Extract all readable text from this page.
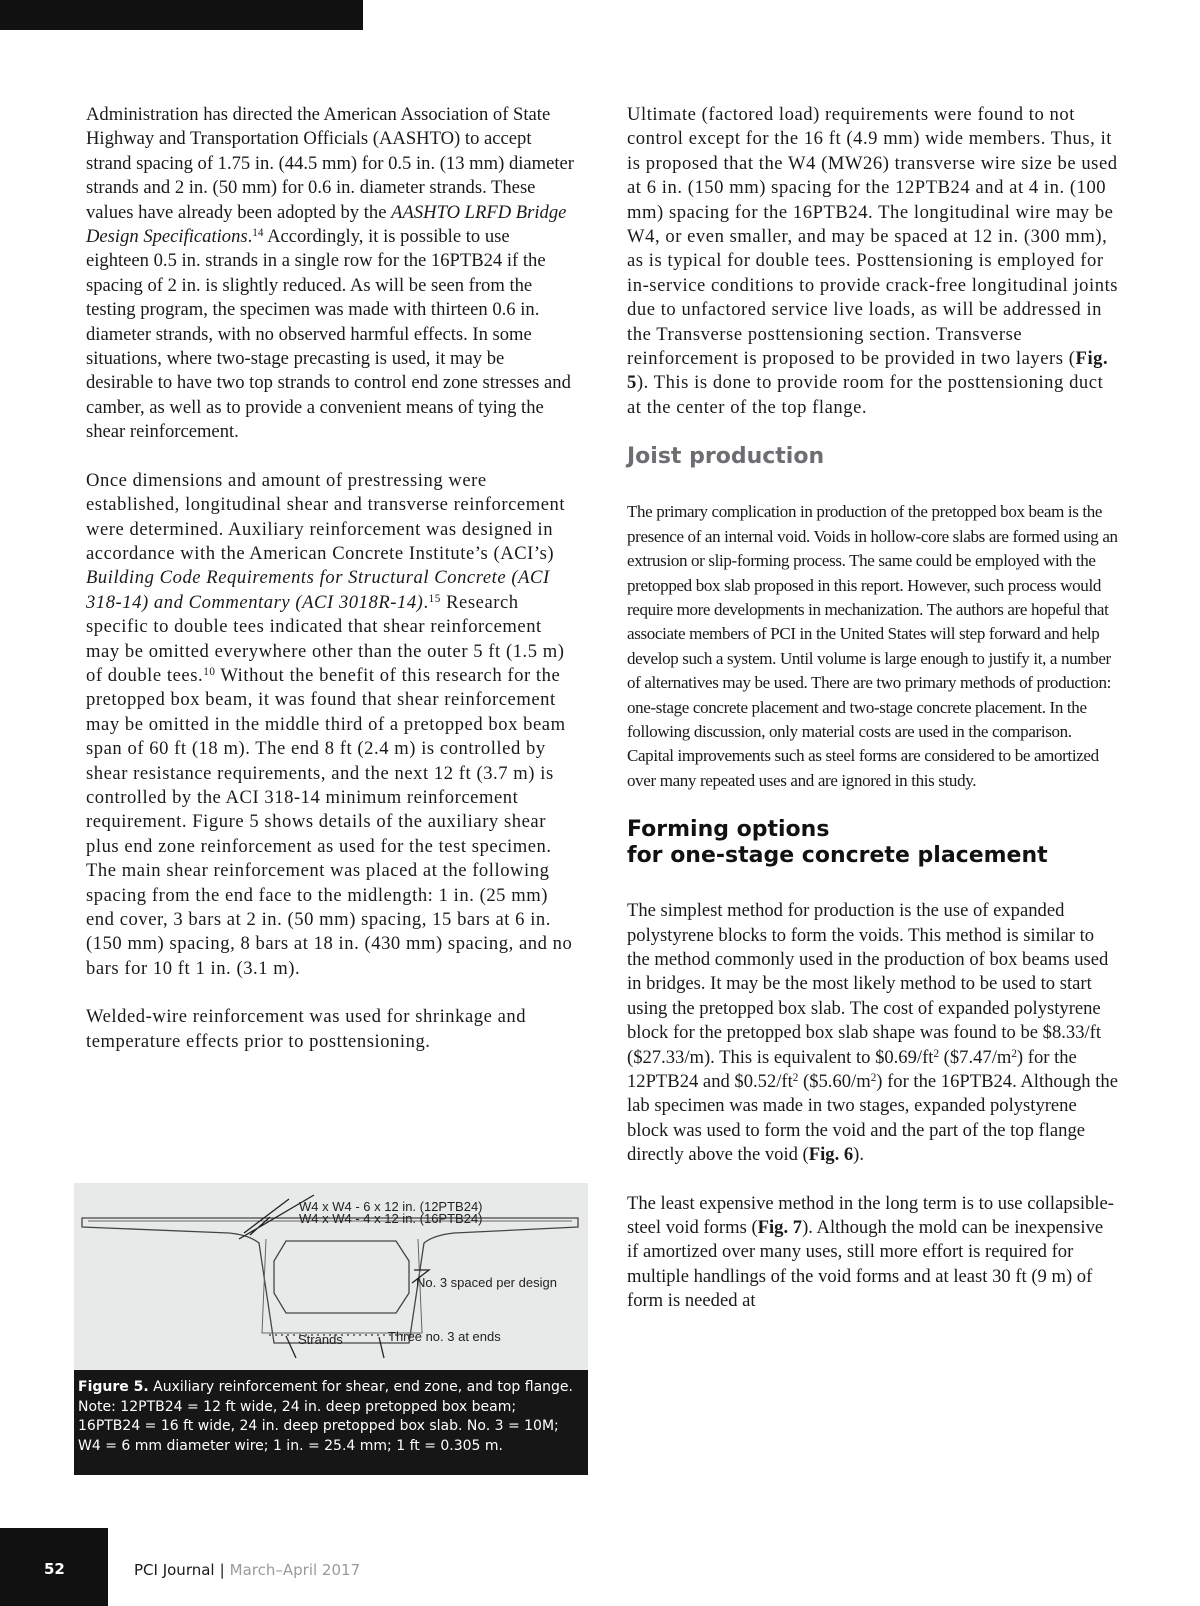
Administration has directed the American Association of State Highway and Transportation Officials (AASHTO) to accept strand spacing of 1.75 in. (44.5 mm) for 0.5 in. (13 mm) diameter strands and 2 in. (50 mm) for 0.6 in. diameter strands. These values have already been adopted by the AASHTO LRFD Bridge Design Specifications.$^{14}$ Accordingly, it is possible to use eighteen 0.5 in. strands in a single row for the 16PTB24 if the spacing of 2 in. is slightly reduced. As will be seen from the testing program, the specimen was made with thirteen 0.6 in. diameter strands, with no observed harmful effects. In some situations, where two-stage precasting is used, it may be desirable to have two top strands to control end zone stresses and camber, as well as to provide a convenient means of tying the shear reinforcement.

Once dimensions and amount of prestressing were established, longitudinal shear and transverse reinforcement were determined. Auxiliary reinforcement was designed in accordance with the American Concrete Institute’s (ACI’s) Building Code Requirements for Structural Concrete (ACI 318-14) and Commentary (ACI 3018R-14).$^{15}$ Research specific to double tees indicated that shear reinforcement may be omitted everywhere other than the outer 5 ft (1.5 m) of double tees.$^{10}$ Without the benefit of this research for the pretopped box beam, it was found that shear reinforcement may be omitted in the middle third of a pretopped box beam span of 60 ft (18 m). The end 8 ft (2.4 m) is controlled by shear resistance requirements, and the next 12 ft (3.7 m) is controlled by the ACI 318-14 minimum reinforcement requirement. Figure 5 shows details of the auxiliary shear plus end zone reinforcement as used for the test specimen. The main shear reinforcement was placed at the following spacing from the end face to the midlength: 1 in. (25 mm) end cover, 3 bars at 2 in. (50 mm) spacing, 15 bars at 6 in. (150 mm) spacing, 8 bars at 18 in. (430 mm) spacing, and no bars for 10 ft 1 in. (3.1 m).

Welded-wire reinforcement was used for shrinkage and temperature effects prior to posttensioning.

W4 x W4 - 6 x 12 in. (12PTB24)
W4 x W4 - 4 x 12 in. (16PTB24)
No. 3 spaced per design
Strands	Three no. 3 at ends
Figure 5. Auxiliary reinforcement for shear, end zone, and top flange. Note: 12PTB24 = 12 ft wide, 24 in. deep pretopped box beam; 16PTB24 = 16 ft wide, 24 in. deep pretopped box slab. No. 3 = 10M; W4 = 6 mm diameter wire; 1 in. = 25.4 mm; 1 ft = 0.305 m.

Ultimate (factored load) requirements were found to not control except for the 16 ft (4.9 mm) wide members. Thus, it is proposed that the W4 (MW26) transverse wire size be used at 6 in. (150 mm) spacing for the 12PTB24 and at 4 in. (100 mm) spacing for the 16PTB24. The longitudinal wire may be W4, or even smaller, and may be spaced at 12 in. (300 mm), as is typical for double tees. Posttensioning is employed for in-service conditions to provide crack-free longitudinal joints due to unfactored service live loads, as will be addressed in the Transverse posttensioning section. Transverse reinforcement is proposed to be provided in two layers (Fig. 5). This is done to provide room for the posttensioning duct at the center of the top flange.

Joist production

The primary complication in production of the pretopped box beam is the presence of an internal void. Voids in hollow-core slabs are formed using an extrusion or slip-forming process. The same could be employed with the pretopped box slab proposed in this report. However, such process would require more developments in mechanization. The authors are hopeful that associate members of PCI in the United States will step forward and help develop such a system. Until volume is large enough to justify it, a number of alternatives may be used. There are two primary methods of production: one-stage concrete placement and two-stage concrete placement. In the following discussion, only material costs are used in the comparison. Capital improvements such as steel forms are considered to be amortized over many repeated uses and are ignored in this study.

Forming options
for one-stage concrete placement

The simplest method for production is the use of expanded polystyrene blocks to form the voids. This method is similar to the method commonly used in the production of box beams used in bridges. It may be the most likely method to be used to start using the pretopped box slab. The cost of expanded polystyrene block for the pretopped box slab shape was found to be $8.33/ft ($27.33/m). This is equivalent to $\$0.69/ft^2$ $(\$7.47/m^2)$ for the 12PTB24 and $\$0.52/ft^2$ $(\$5.60/m^2)$ for the 16PTB24. Although the lab specimen was made in two stages, expanded polystyrene block was used to form the void and the part of the top flange directly above the void (Fig. 6).

The least expensive method in the long term is to use collapsible-steel void forms (Fig. 7). Although the mold can be inexpensive if amortized over many uses, still more effort is required for multiple handlings of the void forms and at least 30 ft (9 m) of form is needed at

52	PCI Journal | March–April 2017
